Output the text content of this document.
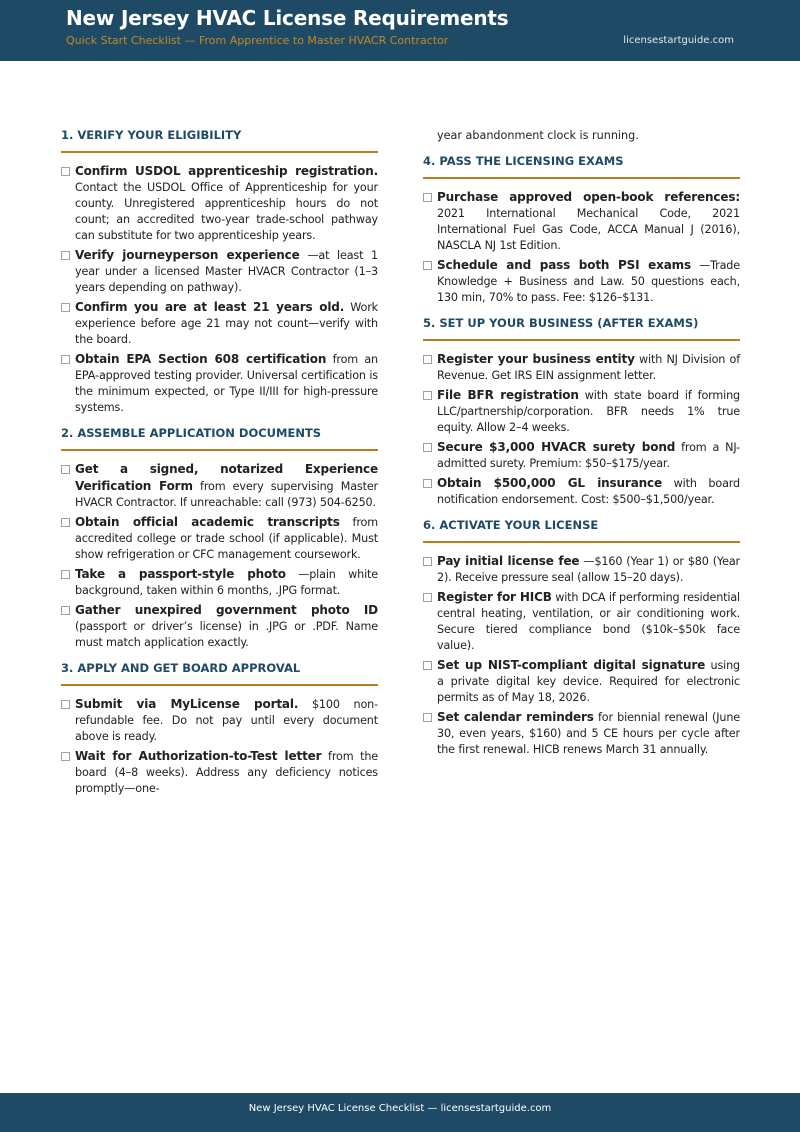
New Jersey HVAC License Requirements
Quick Start Checklist — From Apprentice to Master HVACR Contractor	licensestartguide.com
1. VERIFY YOUR ELIGIBILITY
Confirm USDOL apprenticeship registration. Contact the USDOL Office of Apprenticeship for your county. Unregistered apprenticeship hours do not count; an accredited two-year trade-school pathway can substitute for two apprenticeship years.
Verify journeyperson experience —at least 1 year under a licensed Master HVACR Contractor (1–3 years depending on pathway).
Confirm you are at least 21 years old. Work experience before age 21 may not count—verify with the board.
Obtain EPA Section 608 certification from an EPA-approved testing provider. Universal certification is the minimum expected, or Type II/III for high-pressure systems.
2. ASSEMBLE APPLICATION DOCUMENTS
Get a signed, notarized Experience Verification Form from every supervising Master HVACR Contractor. If unreachable: call (973) 504-6250.
Obtain official academic transcripts from accredited college or trade school (if applicable). Must show refrigeration or CFC management coursework.
Take a passport-style photo —plain white background, taken within 6 months, .JPG format.
Gather unexpired government photo ID (passport or driver’s license) in .JPG or .PDF. Name must match application exactly.
3. APPLY AND GET BOARD APPROVAL
Submit via MyLicense portal. $100 non-refundable fee. Do not pay until every document above is ready.
Wait for Authorization-to-Test letter from the board (4–8 weeks). Address any deficiency notices promptly—one-
year abandonment clock is running.
4. PASS THE LICENSING EXAMS
Purchase approved open-book references: 2021 International Mechanical Code, 2021 International Fuel Gas Code, ACCA Manual J (2016), NASCLA NJ 1st Edition.
Schedule and pass both PSI exams —Trade Knowledge + Business and Law. 50 questions each, 130 min, 70% to pass. Fee: $126–$131.
5. SET UP YOUR BUSINESS (AFTER EXAMS)
Register your business entity with NJ Division of Revenue. Get IRS EIN assignment letter.
File BFR registration with state board if forming LLC/partnership/corporation. BFR needs 1% true equity. Allow 2–4 weeks.
Secure $3,000 HVACR surety bond from a NJ-admitted surety. Premium: $50–$175/year.
Obtain $500,000 GL insurance with board notification endorsement. Cost: $500–$1,500/year.
6. ACTIVATE YOUR LICENSE
Pay initial license fee —$160 (Year 1) or $80 (Year 2). Receive pressure seal (allow 15–20 days).
Register for HICB with DCA if performing residential central heating, ventilation, or air conditioning work. Secure tiered compliance bond ($10k–$50k face value).
Set up NIST-compliant digital signature using a private digital key device. Required for electronic permits as of May 18, 2026.
Set calendar reminders for biennial renewal (June 30, even years, $160) and 5 CE hours per cycle after the first renewal. HICB renews March 31 annually.
New Jersey HVAC License Checklist — licensestartguide.com
